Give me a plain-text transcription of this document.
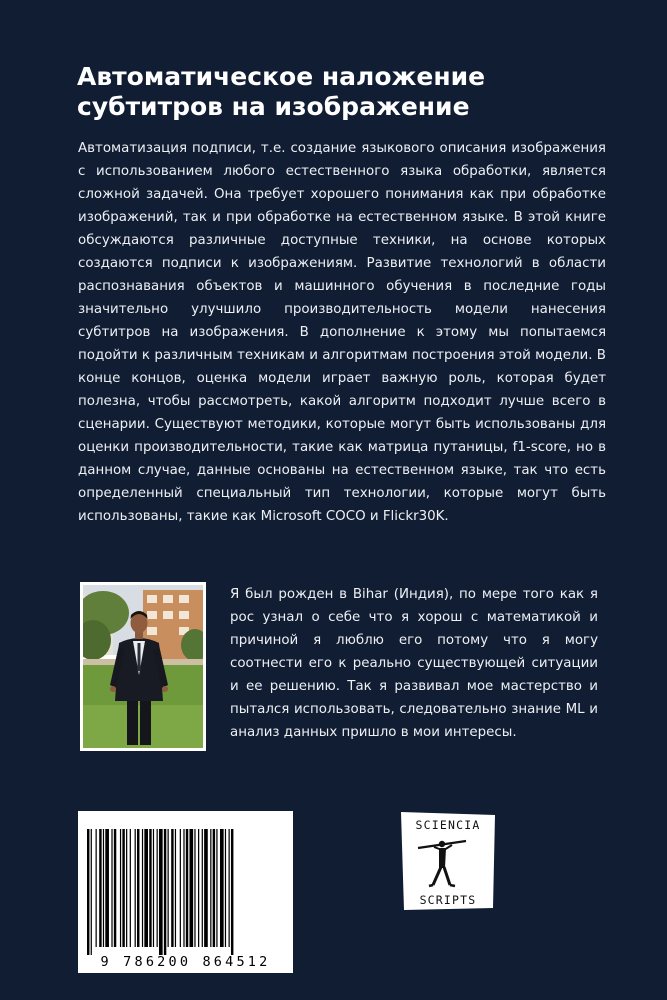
Автоматическое наложение
субтитров на изображение

Автоматизация подписи, т.е. создание языкового описания изображения с использованием любого естественного языка обработки, является сложной задачей. Она требует хорошего понимания как при обработке изображений, так и при обработке на естественном языке. В этой книге обсуждаются различные доступные техники, на основе которых создаются подписи к изображениям. Развитие технологий в области распознавания объектов и машинного обучения в последние годы значительно улучшило производительность модели нанесения субтитров на изображения. В дополнение к этому мы попытаемся подойти к различным техникам и алгоритмам построения этой модели. В конце концов, оценка модели играет важную роль, которая будет полезна, чтобы рассмотреть, какой алгоритм подходит лучше всего в сценарии. Существуют методики, которые могут быть использованы для оценки производительности, такие как матрица путаницы, f1-score, но в данном случае, данные основаны на естественном языке, так что есть определенный специальный тип технологии, которые могут быть использованы, такие как Microsoft COCO и Flickr30K.

Я был рожден в Bihar (Индия), по мере того как я рос узнал о себе что я хорош с математикой и причиной я люблю его потому что я могу соотнести его к реально существующей ситуации и ее решению. Так я развивал мое мастерство и пытался использовать, следовательно знание ML и анализ данных пришло в мои интересы.

9 786200 864512
SCIENCIA
SCRIPTS
